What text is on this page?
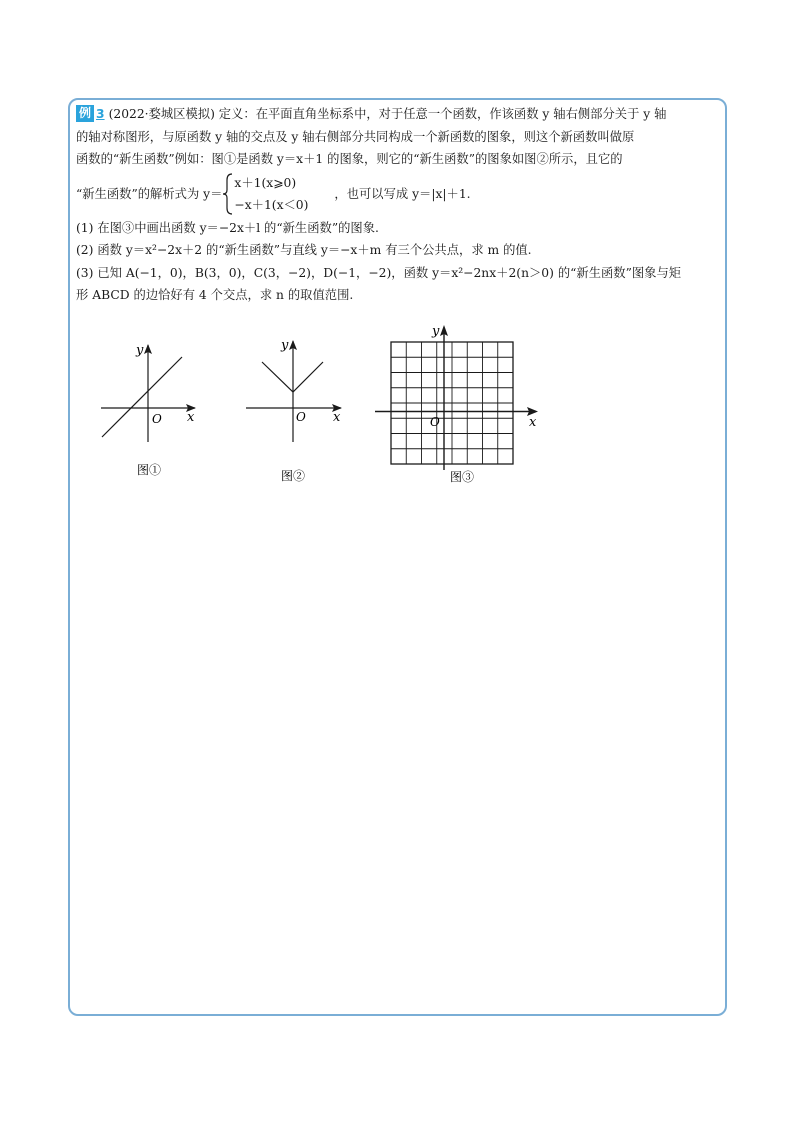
例 3 (2022·婺城区模拟) 定义：在平面直角坐标系中，对于任意一个函数，作该函数 y 轴右侧部分关于 y 轴
的轴对称图形，与原函数 y 轴的交点及 y 轴右侧部分共同构成一个新函数的图象，则这个新函数叫做原
函数的“新生函数”例如：图①是函数 y＝x＋1 的图象，则它的“新生函数”的图象如图②所示，且它的
“新生函数”的解析式为 y＝
x＋1(x⩾0)
−x＋1(x＜0)
，也可以写成 y＝|x|＋1.
(1) 在图③中画出函数 y＝−2x＋l 的“新生函数”的图象.
(2) 函数 y＝x²−2x＋2 的“新生函数”与直线 y＝−x＋m 有三个公共点，求 m 的值.
(3) 已知 A(−1，0)，B(3，0)，C(3，−2)，D(−1，−2)，函数 y＝x²−2nx＋2(n＞0) 的“新生函数”图象与矩
形 ABCD 的边恰好有 4 个交点，求 n 的取值范围.
O x
y
图①
O x
y
图②
O	x
y
图③
